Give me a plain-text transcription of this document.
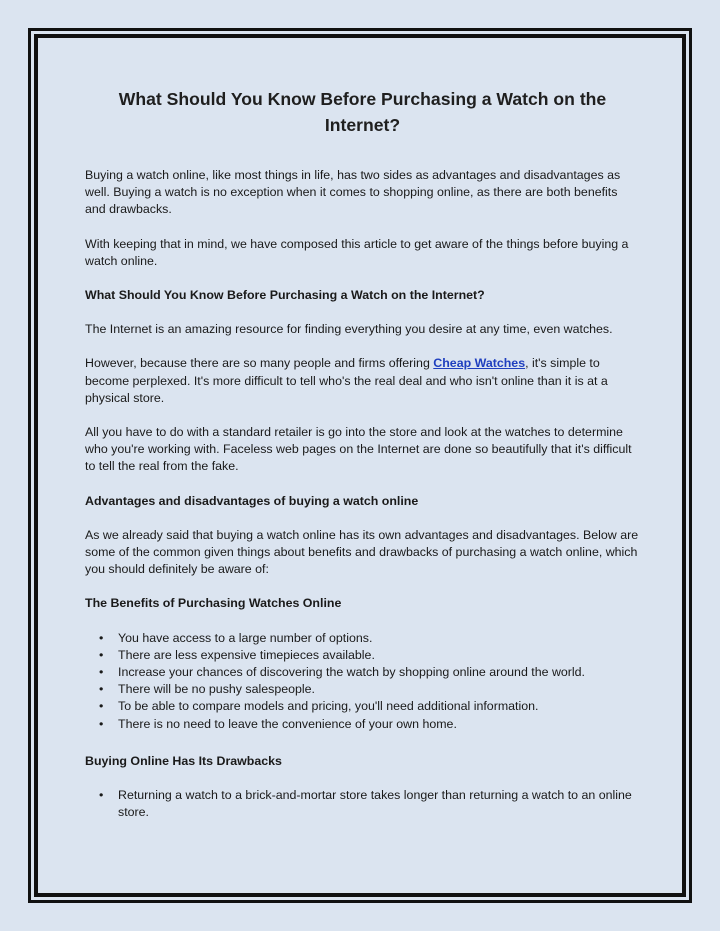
What Should You Know Before Purchasing a Watch on the Internet?

Buying a watch online, like most things in life, has two sides as advantages and disadvantages as well. Buying a watch is no exception when it comes to shopping online, as there are both benefits and drawbacks.

With keeping that in mind, we have composed this article to get aware of the things before buying a watch online.

What Should You Know Before Purchasing a Watch on the Internet?

The Internet is an amazing resource for finding everything you desire at any time, even watches.

However, because there are so many people and firms offering Cheap Watches, it's simple to become perplexed. It's more difficult to tell who's the real deal and who isn't online than it is at a physical store.

All you have to do with a standard retailer is go into the store and look at the watches to determine who you're working with. Faceless web pages on the Internet are done so beautifully that it's difficult to tell the real from the fake.

Advantages and disadvantages of buying a watch online

As we already said that buying a watch online has its own advantages and disadvantages. Below are some of the common given things about benefits and drawbacks of purchasing a watch online, which you should definitely be aware of:

The Benefits of Purchasing Watches Online
• You have access to a large number of options.
• There are less expensive timepieces available.
• Increase your chances of discovering the watch by shopping online around the world.
• There will be no pushy salespeople.
• To be able to compare models and pricing, you'll need additional information.
• There is no need to leave the convenience of your own home.
Buying Online Has Its Drawbacks
• Returning a watch to a brick-and-mortar store takes longer than returning a watch to an online store.
